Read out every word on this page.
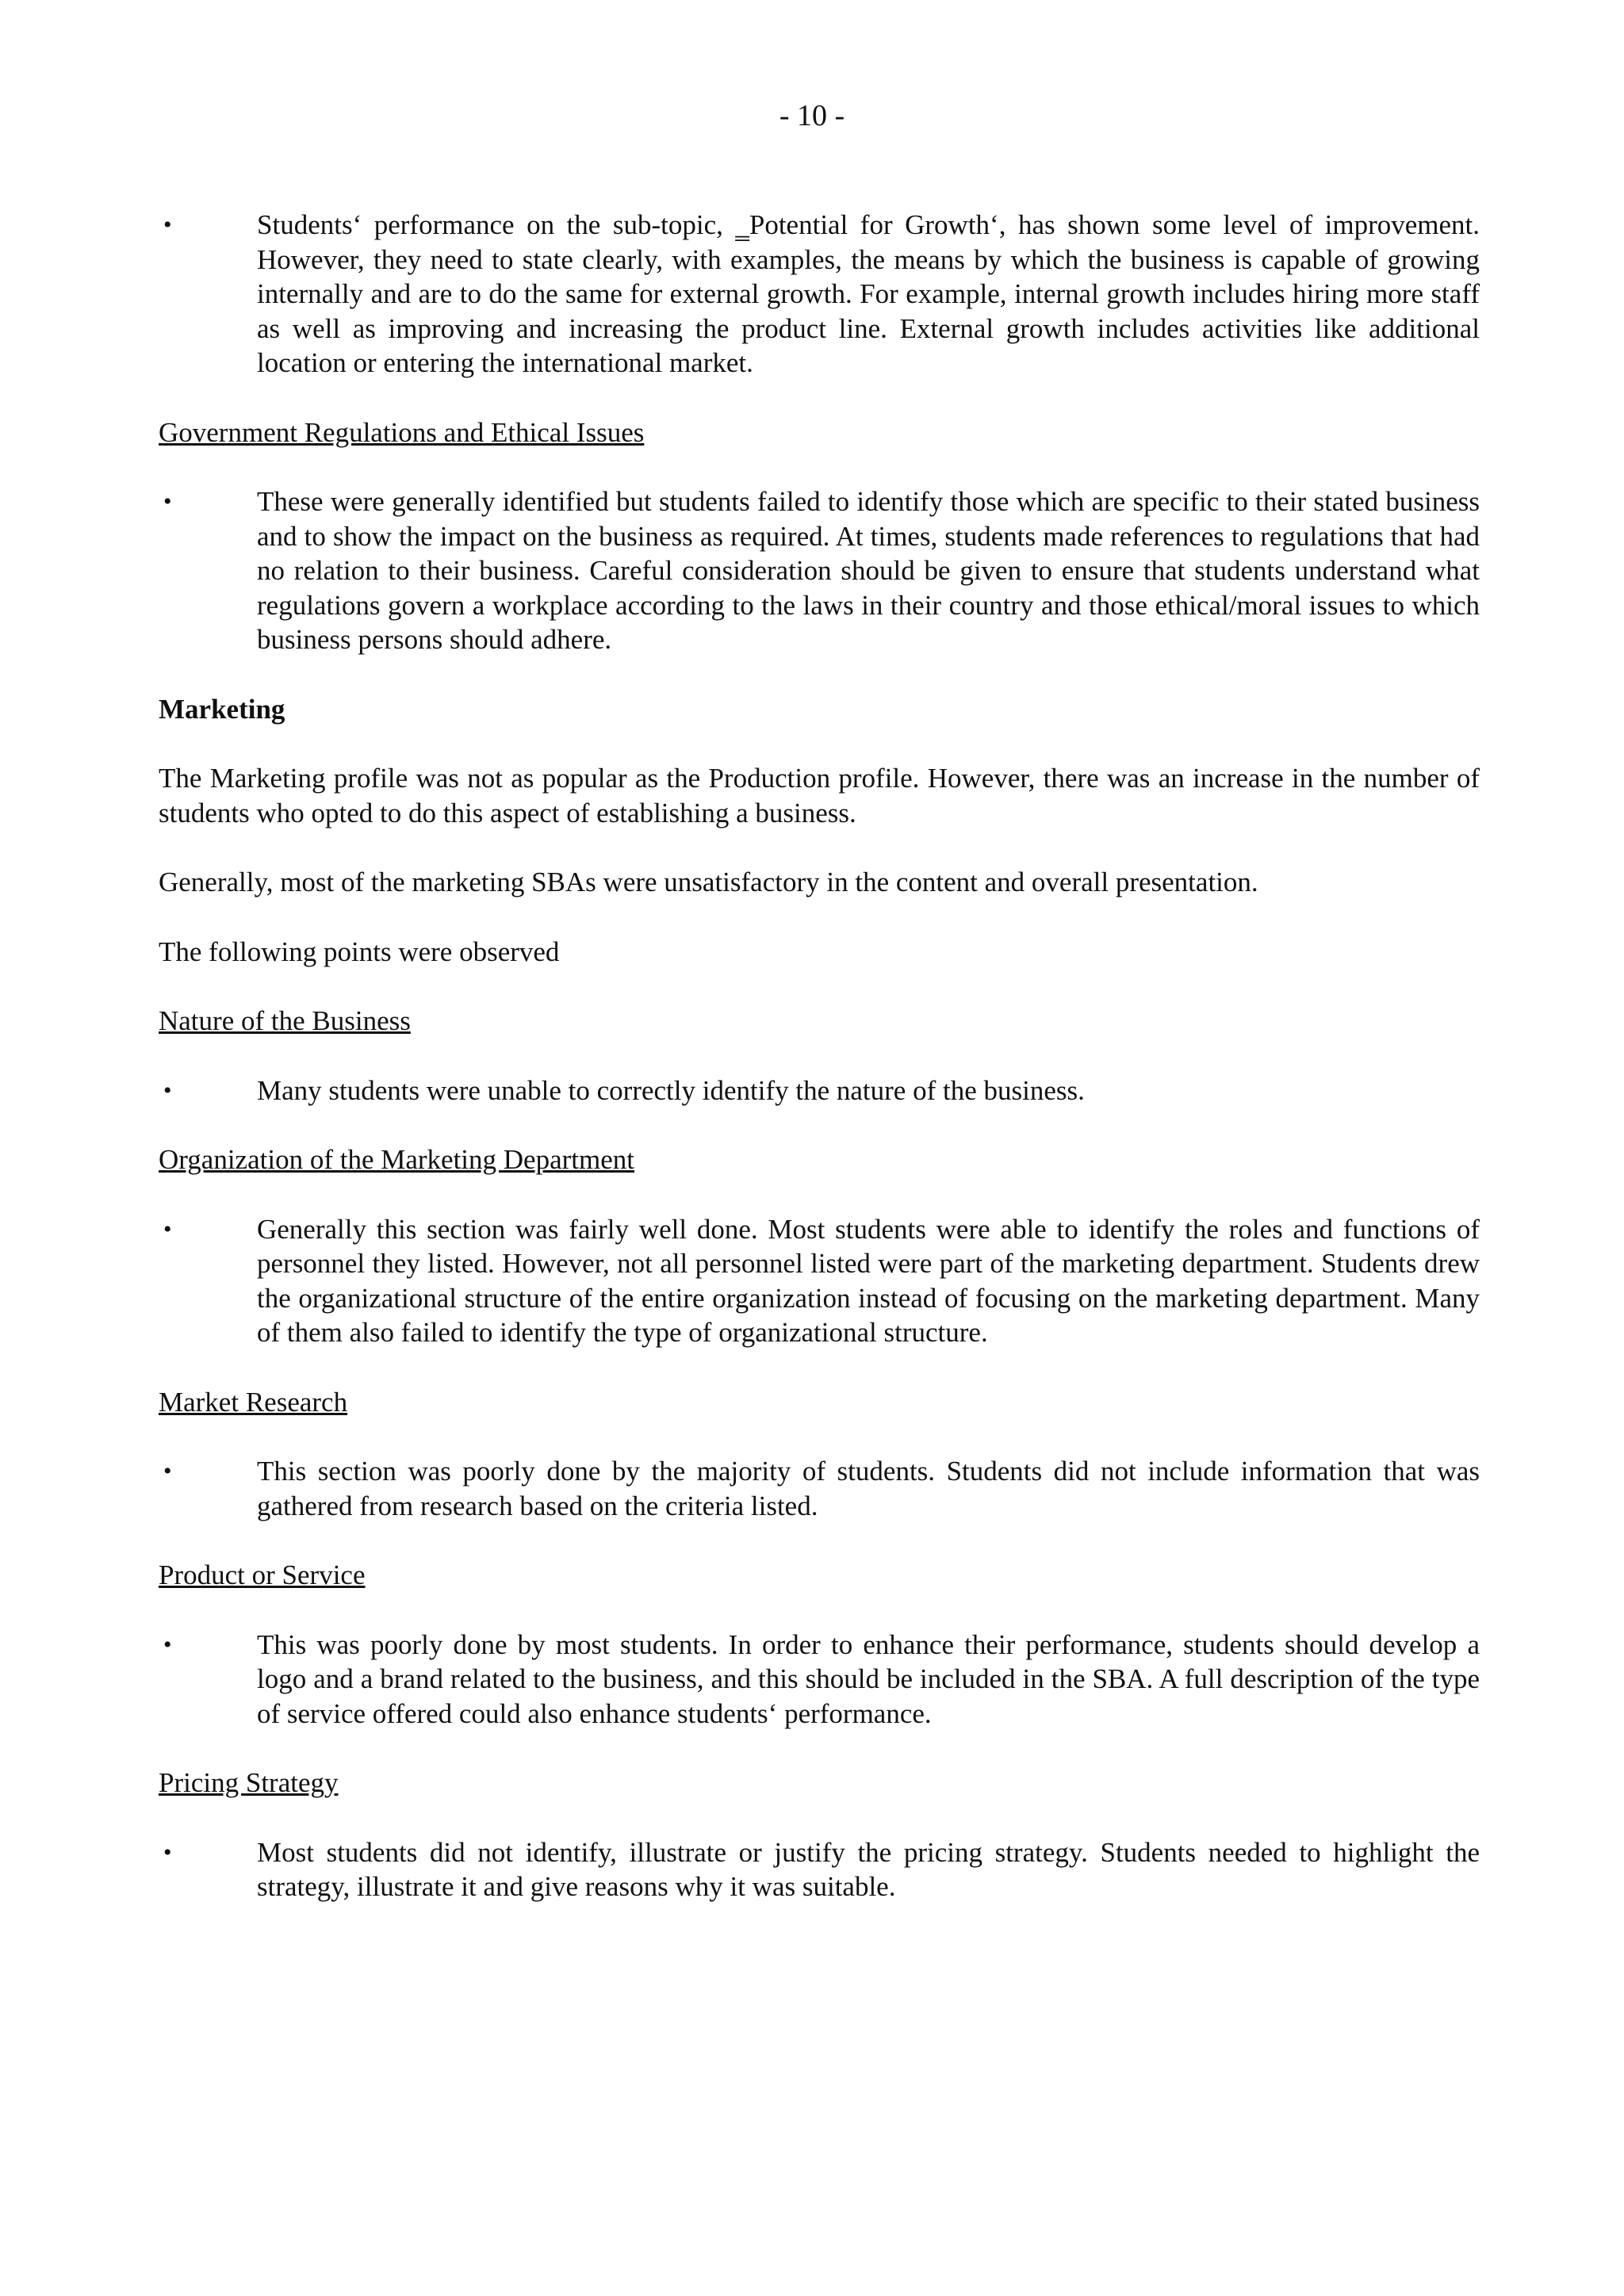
- 10 -
•	Students‘ performance on the sub-topic, ‗Potential for Growth‘, has shown some level of improvement. However, they need to state clearly, with examples, the means by which the business is capable of growing internally and are to do the same for external growth. For example, internal growth includes hiring more staff as well as improving and increasing the product line. External growth includes activities like additional location or entering the international market.
Government Regulations and Ethical Issues
•	These were generally identified but students failed to identify those which are specific to their stated business and to show the impact on the business as required. At times, students made references to regulations that had no relation to their business. Careful consideration should be given to ensure that students understand what regulations govern a workplace according to the laws in their country and those ethical/moral issues to which business persons should adhere.
Marketing
The Marketing profile was not as popular as the Production profile. However, there was an increase in the number of students who opted to do this aspect of establishing a business.
Generally, most of the marketing SBAs were unsatisfactory in the content and overall presentation.
The following points were observed
Nature of the Business
•	Many students were unable to correctly identify the nature of the business.
Organization of the Marketing Department
•	Generally this section was fairly well done. Most students were able to identify the roles and functions of personnel they listed. However, not all personnel listed were part of the marketing department. Students drew the organizational structure of the entire organization instead of focusing on the marketing department. Many of them also failed to identify the type of organizational structure.
Market Research
•	This section was poorly done by the majority of students. Students did not include information that was gathered from research based on the criteria listed.
Product or Service
•	This was poorly done by most students. In order to enhance their performance, students should develop a logo and a brand related to the business, and this should be included in the SBA. A full description of the type of service offered could also enhance students‘ performance.
Pricing Strategy
•	Most students did not identify, illustrate or justify the pricing strategy. Students needed to highlight the strategy, illustrate it and give reasons why it was suitable.
